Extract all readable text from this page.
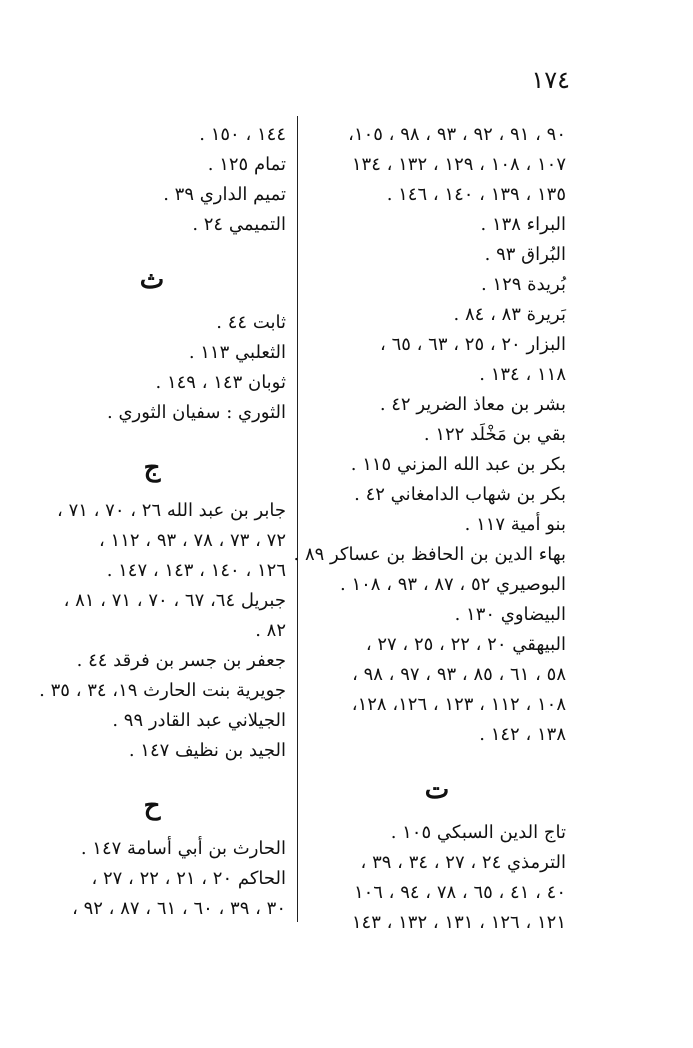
١٧٤
٩٠ ، ٩١ ، ٩٢ ، ٩٣ ، ٩٨ ، ١٠٥،
١٠٧ ، ١٠٨ ، ١٢٩ ، ١٣٢ ، ١٣٤
١٣٥ ، ١٣٩ ، ١٤٠ ، ١٤٦ .
البراء ١٣٨ .
البُراق ٩٣ .
بُريدة ١٢٩ .
بَريرة ٨٣ ، ٨٤ .
البزار ٢٠ ، ٢٥ ، ٦٣ ، ٦٥ ،
١١٨ ، ١٣٤ .
بشر بن معاذ الضرير ٤٢ .
بقي بن مَخْلَد ١٢٢ .
بكر بن عبد الله المزني ١١٥ .
بكر بن شهاب الدامغاني ٤٢ .
بنو أمية ١١٧ .
بهاء الدين بن الحافظ بن عساكر ٨٩ .
البوصيري ٥٢ ، ٨٧ ، ٩٣ ، ١٠٨ .
البيضاوي ١٣٠ .
البيهقي ٢٠ ، ٢٢ ، ٢٥ ، ٢٧ ،
٥٨ ، ٦١ ، ٨٥ ، ٩٣ ، ٩٧ ، ٩٨ ،
١٠٨ ، ١١٢ ، ١٢٣ ، ١٢٦، ١٢٨،
١٣٨ ، ١٤٢ .
ت
تاج الدين السبكي ١٠٥ .
الترمذي ٢٤ ، ٢٧ ، ٣٤ ، ٣٩ ،
٤٠ ، ٤١ ، ٦٥ ، ٧٨ ، ٩٤ ، ١٠٦
١٢١ ، ١٢٦ ، ١٣١ ، ١٣٢ ، ١٤٣
١٤٤ ، ١٥٠ .
تمام ١٢٥ .
تميم الداري ٣٩ .
التميمي ٢٤ .
ث
ثابت ٤٤ .
الثعلبي ١١٣ .
ثوبان ١٤٣ ، ١٤٩ .
الثوري : سفيان الثوري .
ج
جابر بن عبد الله ٢٦ ، ٧٠ ، ٧١ ،
٧٢ ، ٧٣ ، ٧٨ ، ٩٣ ، ١١٢ ،
١٢٦ ، ١٤٠ ، ١٤٣ ، ١٤٧ .
جبريل ٦٤، ٦٧ ، ٧٠ ، ٧١ ، ٨١ ،
٨٢ .
جعفر بن جسر بن فرقد ٤٤ .
جويرية بنت الحارث ١٩، ٣٤ ، ٣٥ .
الجيلاني عبد القادر ٩٩ .
الجيد بن نظيف ١٤٧ .
ح
الحارث بن أبي أسامة ١٤٧ .
الحاكم ٢٠ ، ٢١ ، ٢٢ ، ٢٧ ،
٣٠ ، ٣٩ ، ٦٠ ، ٦١ ، ٨٧ ، ٩٢ ،
